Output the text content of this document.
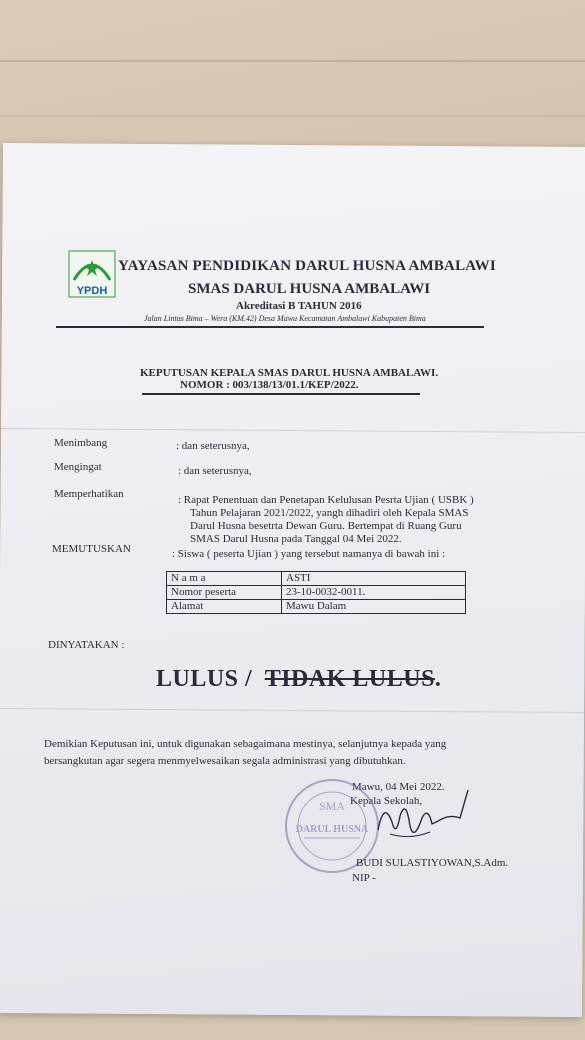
YPDH
YAYASAN PENDIDIKAN DARUL HUSNA AMBALAWI
SMAS DARUL HUSNA AMBALAWI
Akreditasi B TAHUN 2016
Jalan Lintas Bima – Wera (KM.42) Desa Mawu Kecamatan Ambalawi Kabupaten Bima
KEPUTUSAN KEPALA SMAS DARUL HUSNA AMBALAWI.
NOMOR : 003/138/13/01.1/KEP/2022.
Menimbang	: dan seterusnya,
Mengingat	: dan seterusnya,
Memperhatikan	: Rapat Penentuan dan Penetapan Kelulusan Pesrta Ujian ( USBK )
Tahun Pelajaran 2021/2022, yangh dihadiri oleh Kepala SMAS
Darul Husna besetrta Dewan Guru. Bertempat di Ruang Guru
SMAS Darul Husna pada Tanggal 04 Mei 2022.
MEMUTUSKAN	: Siswa ( peserta Ujian ) yang tersebut namanya di bawah ini :
N a m a	ASTI
Nomor peserta	23-10-0032-0011.
Alamat	Mawu Dalam
DINYATAKAN :
LULUS / TIDAK LULUS.
Demikian Keputusan ini, untuk digunakan sebagaimana mestinya, selanjutnya kepada yang
bersangkutan agar segera menmyelwesaikan segala administrasi yang dibutuhkan.
Mawu, 04 Mei 2022.
Kepala Sekolah,
SMA
DARUL HUSNA
BUDI SULASTIYOWAN,S.Adm.
NIP -
